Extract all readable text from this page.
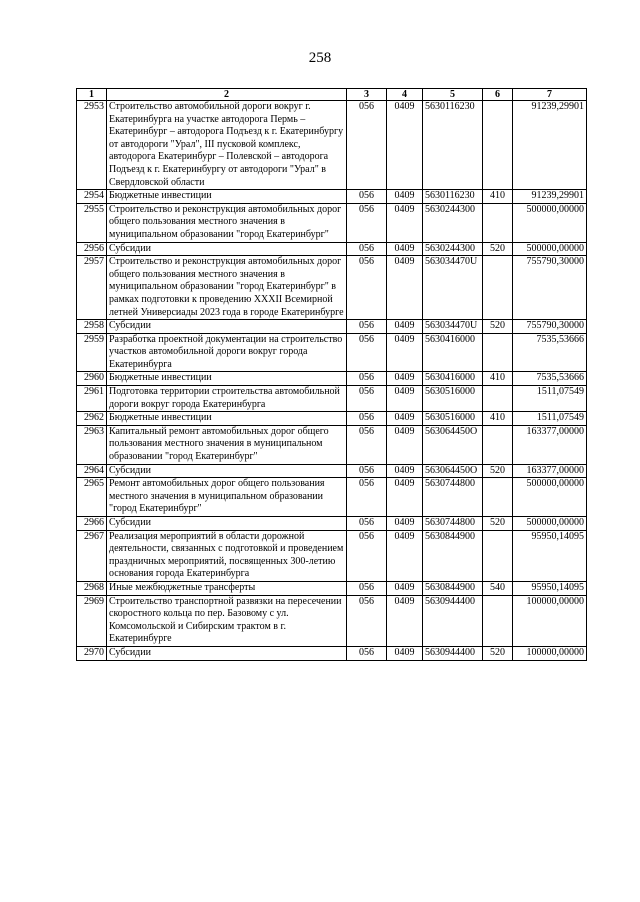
258
1	2	3	4	5	6	7
2953	Строительство автомобильной дороги вокруг г. Екатеринбурга на участке автодорога Пермь – Екатеринбург – автодорога Подъезд к г. Екатеринбургу от автодороги "Урал", III пусковой комплекс, автодорога Екатеринбург – Полевской – автодорога Подъезд к г. Екатеринбургу от автодороги "Урал" в Свердловской области	056	0409	5630116230		91239,29901
2954	Бюджетные инвестиции	056	0409	5630116230	410	91239,29901
2955	Строительство и реконструкция автомобильных дорог общего пользования местного значения в муниципальном образовании "город Екатеринбург"	056	0409	5630244300		500000,00000
2956	Субсидии	056	0409	5630244300	520	500000,00000
2957	Строительство и реконструкция автомобильных дорог общего пользования местного значения в муниципальном образовании "город Екатеринбург" в рамках подготовки к проведению XXXII Всемирной летней Универсиады 2023 года в городе Екатеринбурге	056	0409	563034470U		755790,30000
2958	Субсидии	056	0409	563034470U	520	755790,30000
2959	Разработка проектной документации на строительство участков автомобильной дороги вокруг города Екатеринбурга	056	0409	5630416000		7535,53666
2960	Бюджетные инвестиции	056	0409	5630416000	410	7535,53666
2961	Подготовка территории строительства автомобильной дороги вокруг города Екатеринбурга	056	0409	5630516000		1511,07549
2962	Бюджетные инвестиции	056	0409	5630516000	410	1511,07549
2963	Капитальный ремонт автомобильных дорог общего пользования местного значения в муниципальном образовании "город Екатеринбург"	056	0409	563064450О		163377,00000
2964	Субсидии	056	0409	563064450О	520	163377,00000
2965	Ремонт автомобильных дорог общего пользования местного значения в муниципальном образовании "город Екатеринбург"	056	0409	5630744800		500000,00000
2966	Субсидии	056	0409	5630744800	520	500000,00000
2967	Реализация мероприятий в области дорожной деятельности, связанных с подготовкой и проведением праздничных мероприятий, посвященных 300-летию основания города Екатеринбурга	056	0409	5630844900		95950,14095
2968	Иные межбюджетные трансферты	056	0409	5630844900	540	95950,14095
2969	Строительство транспортной развязки на пересечении скоростного кольца по пер. Базовому с ул. Комсомольской и Сибирским трактом в г. Екатеринбурге	056	0409	5630944400		100000,00000
2970	Субсидии	056	0409	5630944400	520	100000,00000
